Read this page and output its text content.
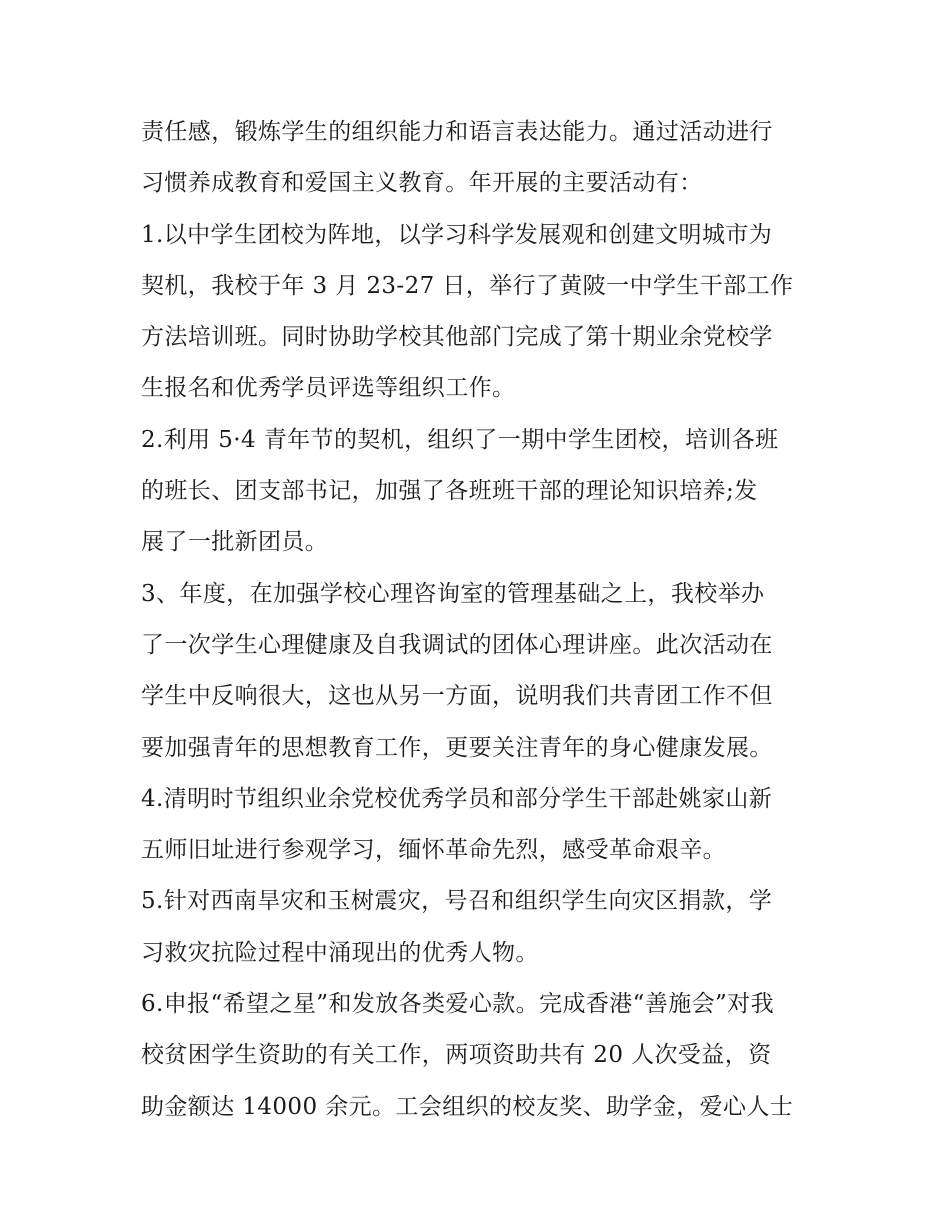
责任感，锻炼学生的组织能力和语言表达能力。通过活动进行
习惯养成教育和爱国主义教育。年开展的主要活动有：
1.以中学生团校为阵地，以学习科学发展观和创建文明城市为
契机，我校于年 3 月 23-27 日，举行了黄陂一中学生干部工作
方法培训班。同时协助学校其他部门完成了第十期业余党校学
生报名和优秀学员评选等组织工作。
2.利用 5·4 青年节的契机，组织了一期中学生团校，培训各班
的班长、团支部书记，加强了各班班干部的理论知识培养;发
展了一批新团员。
3、年度，在加强学校心理咨询室的管理基础之上，我校举办
了一次学生心理健康及自我调试的团体心理讲座。此次活动在
学生中反响很大，这也从另一方面，说明我们共青团工作不但
要加强青年的思想教育工作，更要关注青年的身心健康发展。
4.清明时节组织业余党校优秀学员和部分学生干部赴姚家山新
五师旧址进行参观学习，缅怀革命先烈，感受革命艰辛。
5.针对西南旱灾和玉树震灾，号召和组织学生向灾区捐款，学
习救灾抗险过程中涌现出的优秀人物。
6.申报“希望之星”和发放各类爱心款。完成香港“善施会”对我
校贫困学生资助的有关工作，两项资助共有 20 人次受益，资
助金额达 14000 余元。工会组织的校友奖、助学金，爱心人士
